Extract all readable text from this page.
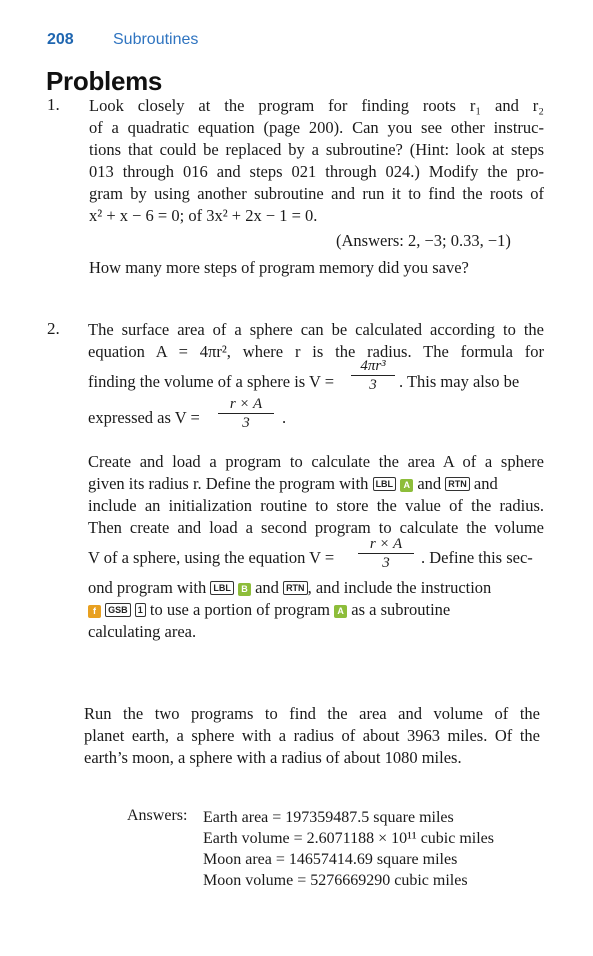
208 Subroutines
Problems
1. Look closely at the program for finding roots r₁ and r₂
of a quadratic equation (page 200). Can you see other instruc-
tions that could be replaced by a subroutine? (Hint: look at steps
013 through 016 and steps 021 through 024.) Modify the pro-
gram by using another subroutine and run it to find the roots of
x² + x − 6 = 0; of 3x² + 2x − 1 = 0.
(Answers: 2, −3; 0.33, −1)
How many more steps of program memory did you save?
2. The surface area of a sphere can be calculated according to the
equation A = 4πr², where r is the radius. The formula for
finding the volume of a sphere is $V = \frac{\text{4πr³}}{3}$ . This may also be
expressed as $V = \frac{r \times A}{3}$ .
Create and load a program to calculate the area A of a sphere
given its radius r. Define the program with LBL A and RTN and
include an initialization routine to store the value of the radius.
Then create and load a second program to calculate the volume
V of a sphere, using the equation $V = \frac{r \times A}{3}$ . Define this sec-
ond program with LBL B and RTN , and include the instruction
f GSB 1 to use a portion of program A as a subroutine
calculating area.
Run the two programs to find the area and volume of the
planet earth, a sphere with a radius of about 3963 miles. Of the
earth’s moon, a sphere with a radius of about 1080 miles.
Answers: Earth area = 197359487.5 square miles
Earth volume = 2.6071188 × 10¹¹ cubic miles
Moon area = 14657414.69 square miles
Moon volume = 5276669290 cubic miles
